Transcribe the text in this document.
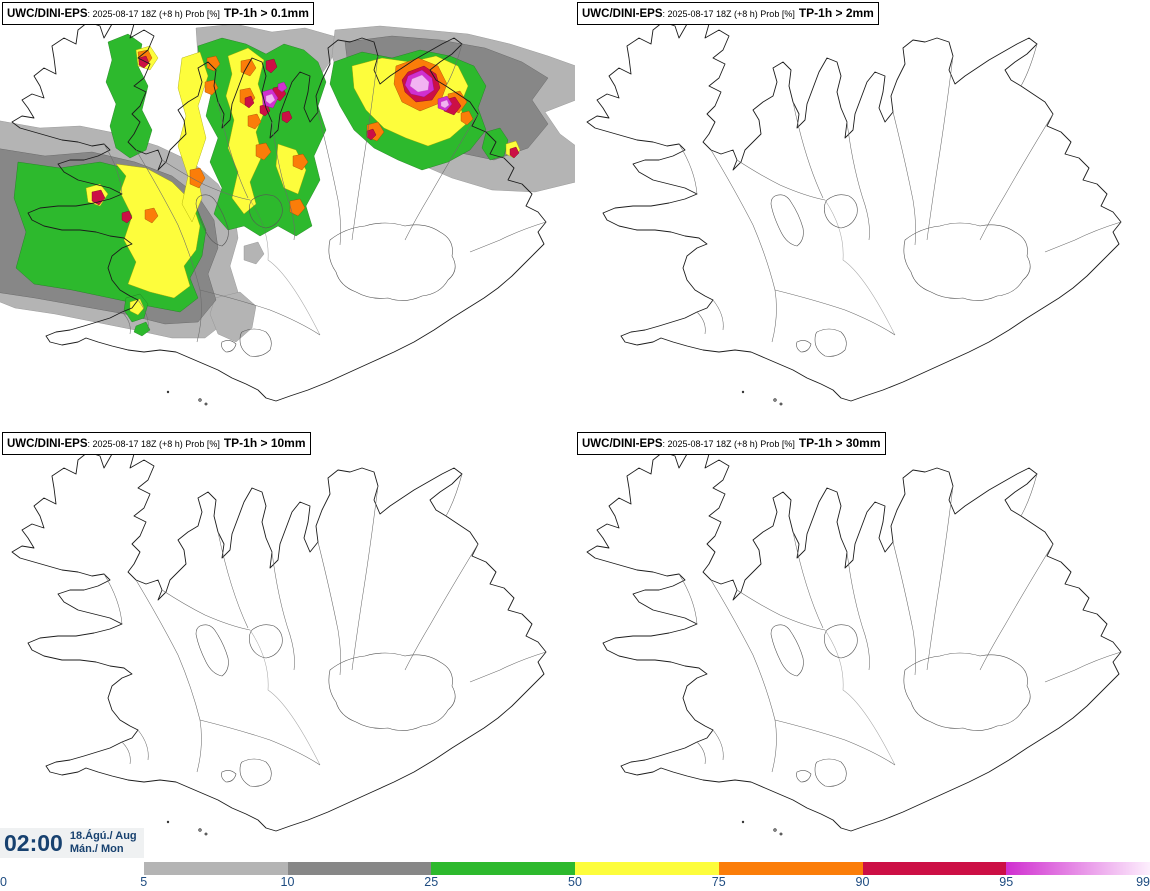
UWC/DINI-EPS: 2025-08-17 18Z (+8 h) Prob [%] TP-1h > 0.1mm	UWC/DINI-EPS: 2025-08-17 18Z (+8 h) Prob [%] TP-1h > 2mm
UWC/DINI-EPS: 2025-08-17 18Z (+8 h) Prob [%] TP-1h > 10mm	UWC/DINI-EPS: 2025-08-17 18Z (+8 h) Prob [%] TP-1h > 30mm
02:00 18.Ágú./ Aug
Mán./ Mon
0	5	10	25	50	75	90	95	99
